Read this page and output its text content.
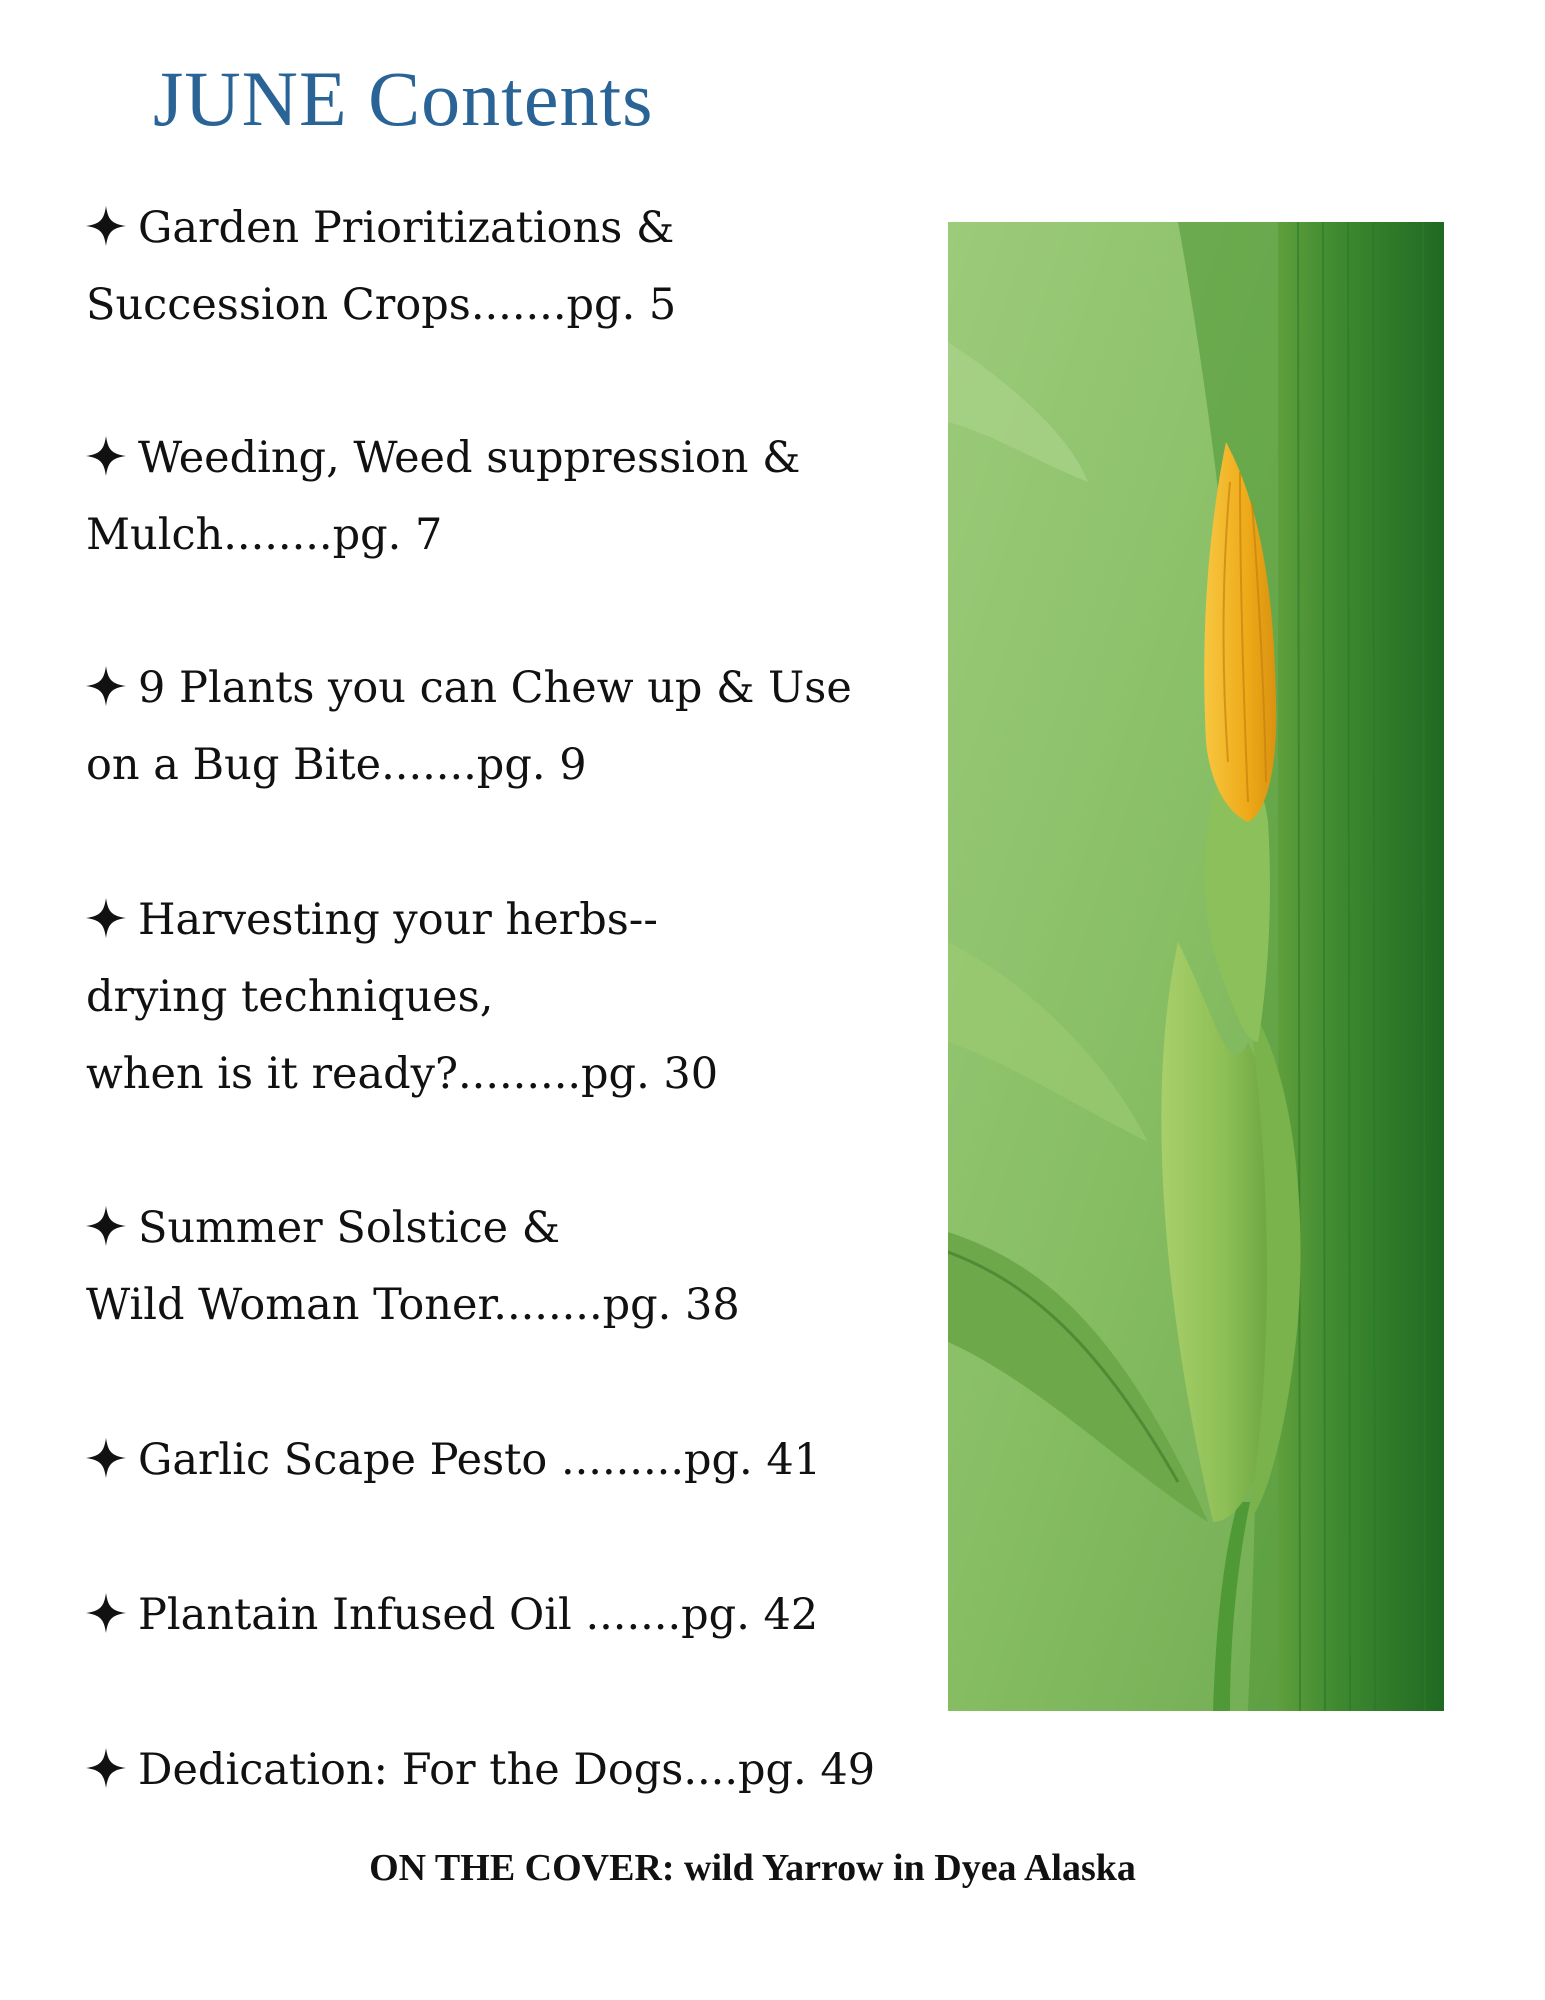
JUNE Contents
Garden Prioritizations &
Succession Crops.......pg. 5
Weeding, Weed suppression &
Mulch........pg. 7
9 Plants you can Chew up & Use
on a Bug Bite.......pg. 9
Harvesting your herbs--
drying techniques,
when is it ready?.........pg. 30
Summer Solstice &
Wild Woman Toner........pg. 38
Garlic Scape Pesto .........pg. 41
Plantain Infused Oil .......pg. 42
Dedication: For the Dogs....pg. 49

ON THE COVER: wild Yarrow in Dyea Alaska
